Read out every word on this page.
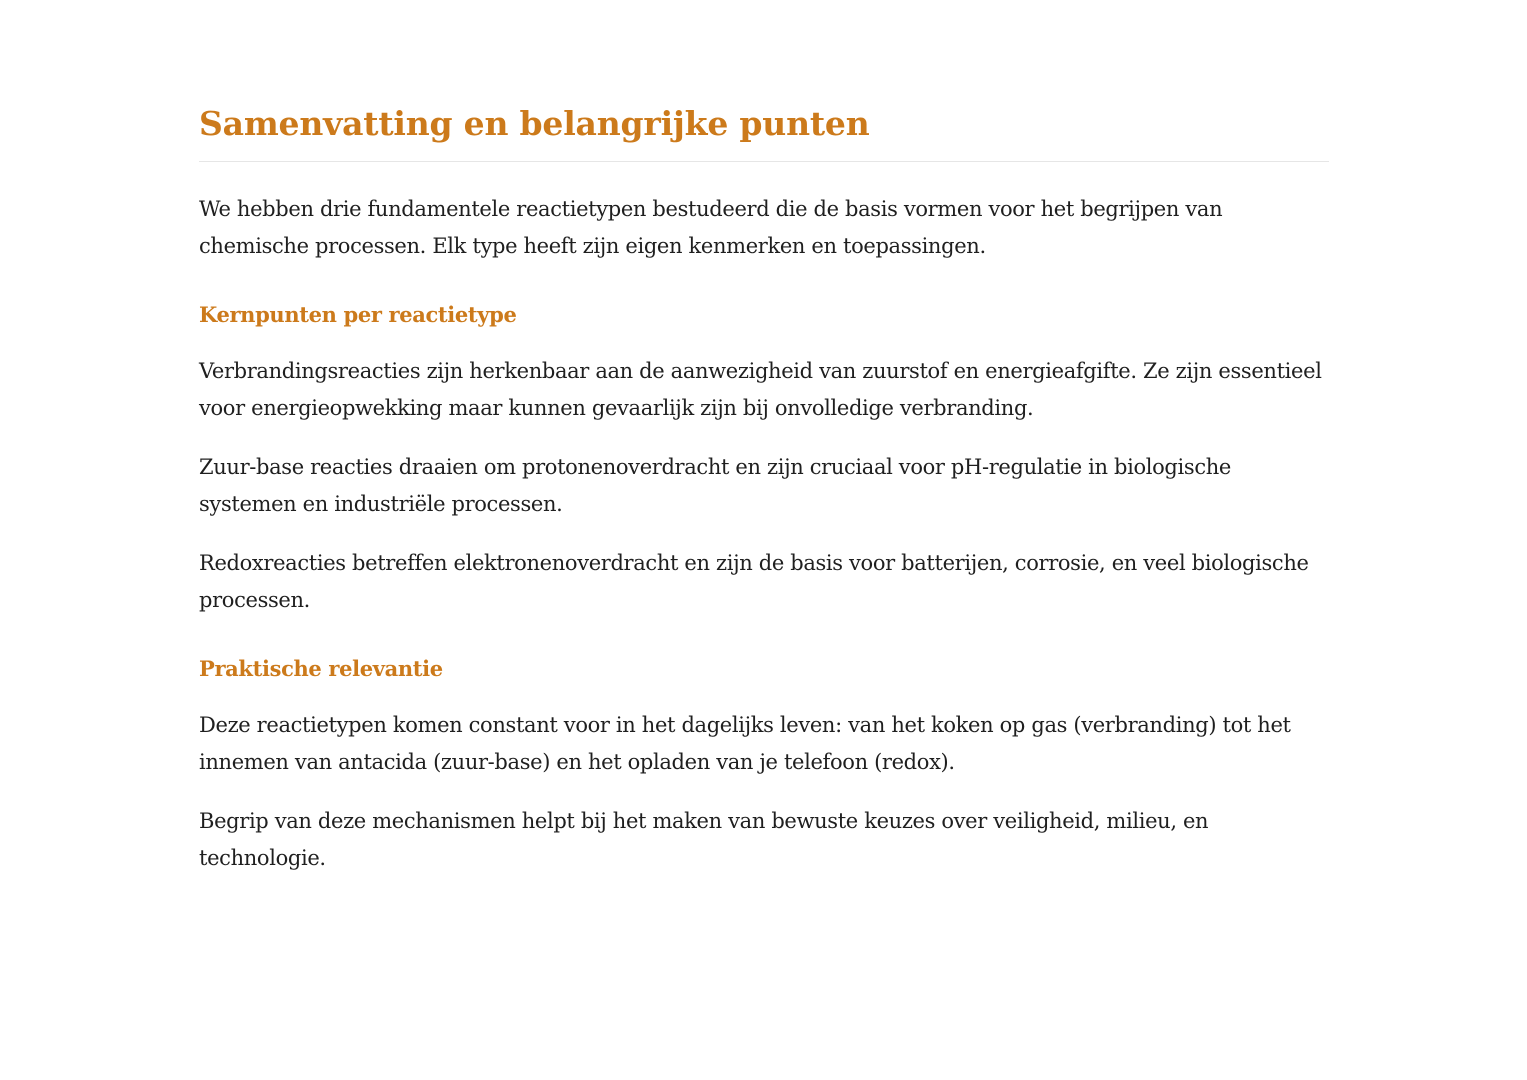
Samenvatting en belangrijke punten

We hebben drie fundamentele reactietypen bestudeerd die de basis vormen voor het begrijpen van chemische processen. Elk type heeft zijn eigen kenmerken en toepassingen.

Kernpunten per reactietype

Verbrandingsreacties zijn herkenbaar aan de aanwezigheid van zuurstof en energieafgifte. Ze zijn essentieel voor energieopwekking maar kunnen gevaarlijk zijn bij onvolledige verbranding.

Zuur-base reacties draaien om protonenoverdracht en zijn cruciaal voor pH-regulatie in biologische systemen en industriële processen.

Redoxreacties betreffen elektronenoverdracht en zijn de basis voor batterijen, corrosie, en veel biologische processen.

Praktische relevantie

Deze reactietypen komen constant voor in het dagelijks leven: van het koken op gas (verbranding) tot het innemen van antacida (zuur-base) en het opladen van je telefoon (redox).

Begrip van deze mechanismen helpt bij het maken van bewuste keuzes over veiligheid, milieu, en technologie.
